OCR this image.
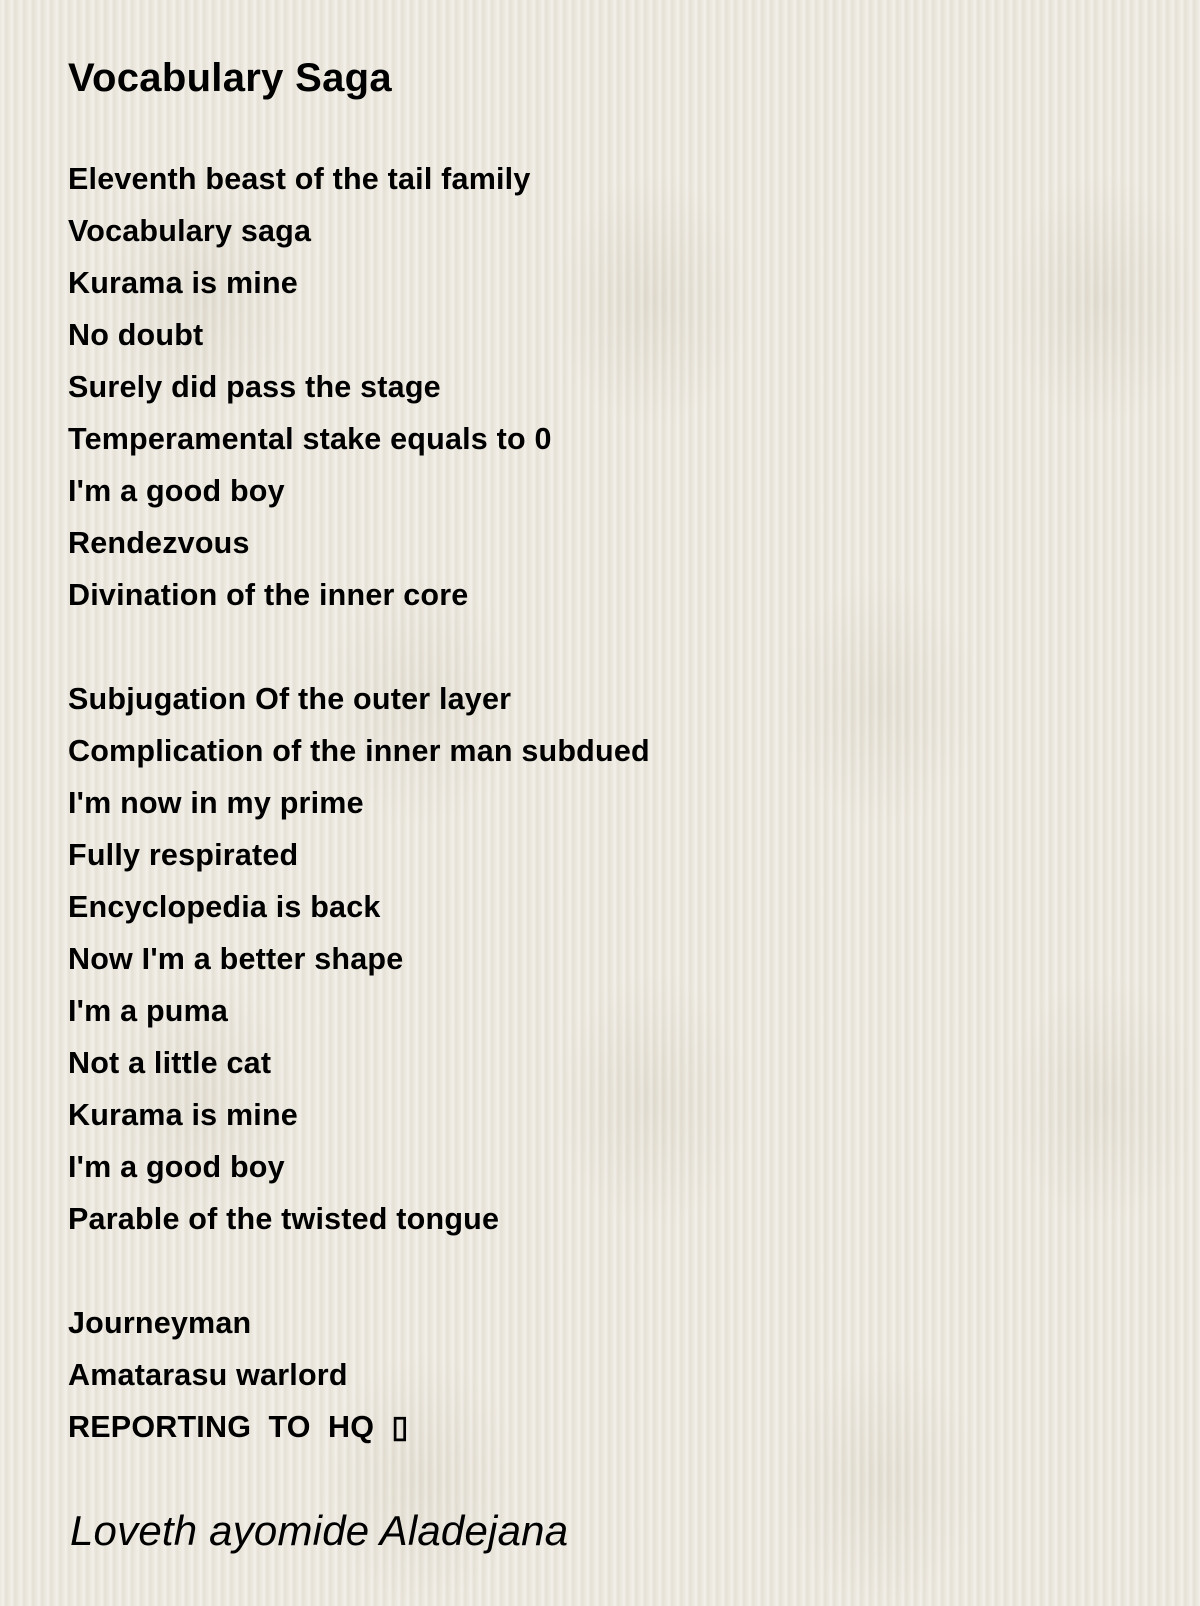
Vocabulary Saga
Eleventh beast of the tail family
Vocabulary saga
Kurama is mine
No doubt
Surely did pass the stage
Temperamental stake equals to 0
I'm a good boy
Rendezvous
Divination of the inner core
Subjugation Of the outer layer
Complication of the inner man subdued
I'm now in my prime
Fully respirated
Encyclopedia is back
Now I'm a better shape
I'm a puma
Not a little cat
Kurama is mine
I'm a good boy
Parable of the twisted tongue
Journeyman
Amatarasu warlord
REPORTING  TO  HQ  ▯

Loveth ayomide Aladejana
